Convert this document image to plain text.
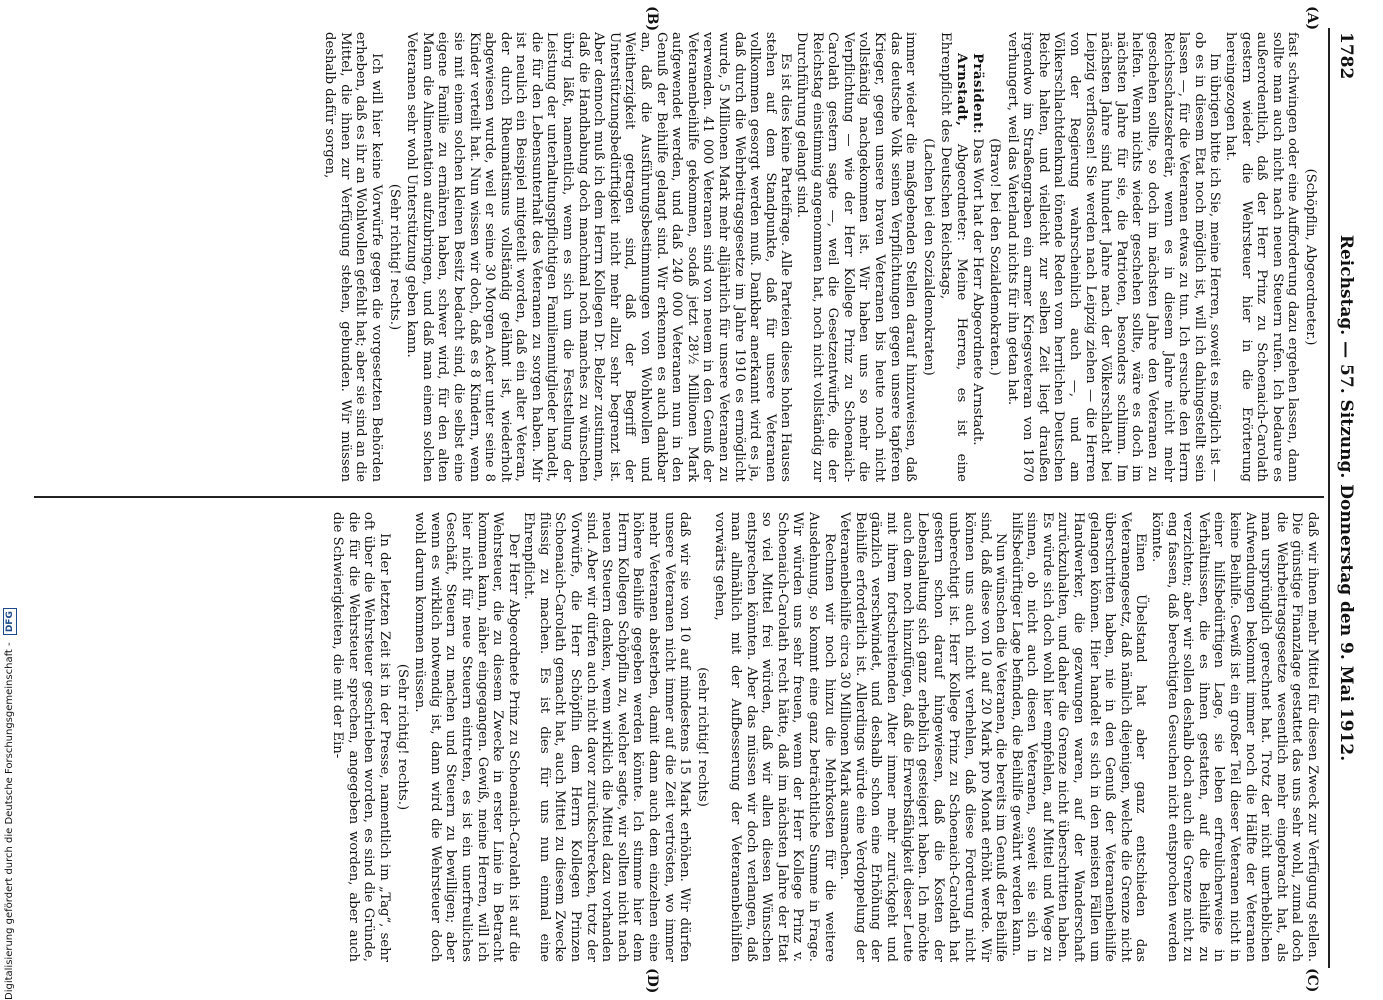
Digitalisierung gefördert durch die Deutsche Forschungsgemeinschaft - DFG
1782
Reichstag. — 57. Sitzung. Donnerstag den 9. Mai 1912.
(A)
(B)
(C)
(D)

(Schöpflin, Abgeordneter.)

fast schwingen oder eine Aufforderung dazu ergehen lassen, dann sollte man auch nicht nach neuen Steuern rufen. Ich bedaure es außerordentlich, daß der Herr Prinz zu Schoenaich-Carolath gestern wieder die Wehrsteuer hier in die Erörterung hereingezogen hat.

Im übrigen bitte ich Sie, meine Herren, soweit es möglich ist — ob es in diesem Etat noch möglich ist, will ich dahingestellt sein lassen —, für die Veteranen etwas zu tun. Ich ersuche den Herrn Reichsschatzsekretär, wenn es in diesem Jahre nicht mehr geschehen sollte, so doch im nächsten Jahre den Veteranen zu helfen. Wenn nichts wieder geschehen sollte, wäre es doch im nächsten Jahre für sie, die Patrioten, besonders schlimm. Im nächsten Jahre sind hundert Jahre nach der Völkerschlacht bei Leipzig verflossen! Sie werden nach Leipzig ziehen — die Herren von der Regierung wahrscheinlich auch —, und am Völkerschlachtdenkmal tönende Reden vom herrlichen Deutschen Reiche halten, und vielleicht zur selben Zeit liegt draußen irgendwo im Straßengraben ein armer Kriegsveteran von 1870 verhungert, weil das Vaterland nichts für ihn getan hat.

(Bravo! bei den Sozialdemokraten.)

Präsident: Das Wort hat der Herr Abgeordnete Arnstadt.

Arnstadt, Abgeordneter: Meine Herren, es ist eine Ehrenpflicht des Deutschen Reichstags,

(Lachen bei den Sozialdemokraten)

immer wieder die maßgebenden Stellen darauf hinzuweisen, daß das deutsche Volk seinen Verpflichtungen gegen unsere tapferen Krieger, gegen unsere braven Veteranen bis heute noch nicht vollständig nachgekommen ist. Wir haben uns so mehr die Verpflichtung — wie der Herr Kollege Prinz zu Schoenaich-Carolath gestern sagte —, weil die Gesetzentwürfe, die der Reichstag einstimmig angenommen hat, noch nicht vollständig zur Durchführung gelangt sind.

Es ist dies keine Parteifrage. Alle Parteien dieses hohen Hauses stehen auf dem Standpunkte, daß für unsere Veteranen vollkommen gesorgt werden muß. Dankbar anerkannt wird es ja, daß durch die Wehrbeitragsgesetze im Jahre 1910 es ermöglicht wurde, 5 Millionen Mark mehr alljährlich für unsere Veteranen zu verwenden. 41 000 Veteranen sind von neuem in den Genuß der Veteranenbeihilfe gekommen, sodaß jetzt 28½ Millionen Mark aufgewendet werden, und daß 240 000 Veteranen nun in den Genuß der Beihilfe gelangt sind. Wir erkennen es auch dankbar an, daß die Ausführungsbestimmungen von Wohlwollen und Weitherzigkeit getragen sind, daß der Begriff der Unterstützungsbedürftigkeit nicht mehr allzu sehr begrenzt ist. Aber dennoch muß ich dem Herrn Kollegen Dr. Belzer zustimmen, daß die Handhabung doch manchmal noch manches zu wünschen übrig läßt, namentlich, wenn es sich um die Feststellung der Leistung der unterhaltungspflichtigen Familienmitglieder handelt, die für den Lebensunterhalt des Veteranen zu sorgen haben. Mir ist neulich ein Beispiel mitgeteilt worden, daß ein alter Veteran, der durch Rheumatismus vollständig gelähmt ist, wiederholt abgewiesen wurde, weil er seine 30 Morgen Acker unter seine 8 Kinder verteilt hat. Nun wissen wir doch, daß es 8 Kindern, wenn sie mit einem solchen kleinen Besitz bedacht sind, die selbst eine eigene Familie zu ernähren haben, schwer wird, für den alten Mann die Alimentation aufzubringen, und daß man einem solchen Veteranen sehr wohl Unterstützung geben kann.

(Sehr richtig! rechts.)

Ich will hier keine Vorwürfe gegen die vorgesetzten Behörden erheben, daß es ihr an Wohlwollen gefehlt hat; aber sie sind an die Mittel, die ihnen zur Verfügung stehen, gebunden. Wir müssen deshalb dafür sorgen,

daß wir ihnen mehr Mittel für diesen Zweck zur Verfügung stellen. Die günstige Finanzlage gestattet das uns sehr wohl, zumal doch die Wehrbeitragsgesetze wesentlich mehr eingebracht hat, als man ursprünglich gerechnet hat. Trotz der nicht unerheblichen Aufwendungen bekommt immer noch die Hälfte der Veteranen keine Beihilfe. Gewiß ist ein großer Teil dieser Veteranen nicht in einer hilfsbedürftigen Lage, sie leben erfreulicherweise in Verhältnissen, die es ihnen gestatten, auf die Beihilfe zu verzichten; aber wir sollen deshalb doch auch die Grenze nicht zu eng fassen, daß berechtigten Gesuchen nicht entsprochen werden könnte.

Einen Übelstand hat aber ganz entschieden das Veteranengesetz, daß nämlich diejenigen, welche die Grenze nicht überschritten haben, nie in den Genuß der Veteranenbeihilfe gelangen können. Hier handelt es sich in den meisten Fällen um Handwerker, die gezwungen waren, auf der Wanderschaft zurückzuhalten, und daher die Grenze nicht überschritten haben. Es würde sich doch wohl hier empfehlen, auf Mittel und Wege zu sinnen, ob nicht auch diesen Veteranen, soweit sie sich in hilfsbedürftiger Lage befinden, die Beihilfe gewährt werden kann.

Nun wünschen die Veteranen, die bereits im Genuß der Beihilfe sind, daß diese von 10 auf 20 Mark pro Monat erhöht werde. Wir können uns auch nicht verhehlen, daß diese Forderung nicht unberechtigt ist. Herr Kollege Prinz zu Schoenaich-Carolath hat gestern schon darauf hingewiesen, daß die Kosten der Lebenshaltung sich ganz erheblich gesteigert haben. Ich möchte auch dem noch hinzufügen, daß die Erwerbsfähigkeit dieser Leute mit ihrem fortschreitenden Alter immer mehr zurückgeht und gänzlich verschwindet, und deshalb schon eine Erhöhung der Beihilfe erforderlich ist. Allerdings würde eine Verdoppelung der Veteranenbeihilfe circa 30 Millionen Mark ausmachen.

Rechnen wir noch hinzu die Mehrkosten für die weitere Ausdehnung, so kommt eine ganz beträchtliche Summe in Frage. Wir würden uns sehr freuen, wenn der Herr Kollege Prinz v. Schoenaich-Carolath recht hätte, daß im nächsten Jahre der Etat so viel Mittel frei würden, daß wir allen diesen Wünschen entsprechen könnten. Aber das müssen wir doch verlangen, daß man allmählich mit der Aufbesserung der Veteranenbeihilfen vorwärts gehen,

(sehr richtig! rechts)

daß wir sie von 10 auf mindestens 15 Mark erhöhen. Wir dürfen unsere Veteranen nicht immer auf die Zeit vertrösten, wo immer mehr Veteranen absterben, damit dann auch dem einzelnen eine höhere Beihilfe gegeben werden könnte. Ich stimme hier dem Herrn Kollegen Schöpflin zu, welcher sagte, wir sollten nicht nach neuen Steuern denken, wenn wirklich die Mittel dazu vorhanden sind. Aber wir dürfen auch nicht davor zurückschrecken, trotz der Vorwürfe, die Herr Schöpflin dem Herrn Kollegen Prinzen Schoenaich-Carolath gemacht hat, auch Mittel zu diesem Zwecke flüssig zu machen. Es ist dies für uns nun einmal eine Ehrenpflicht.

Der Herr Abgeordnete Prinz zu Schoenaich-Carolath ist auf die Wehrsteuer, die zu diesem Zwecke in erster Linie in Betracht kommen kann, näher eingegangen. Gewiß, meine Herren, will ich hier nicht für neue Steuern eintreten, es ist ein unerfreuliches Geschäft, Steuern zu machen und Steuern zu bewilligen; aber wenn es wirklich notwendig ist, dann wird die Wehrsteuer doch wohl darum kommen müssen.

(Sehr richtig! rechts.)

In der letzten Zeit ist in der Presse, namentlich im „Tag“, sehr oft über die Wehrsteuer geschrieben worden, es sind die Gründe, die für die Wehrsteuer sprechen, angegeben worden, aber auch die Schwierigkeiten, die mit der Ein-
